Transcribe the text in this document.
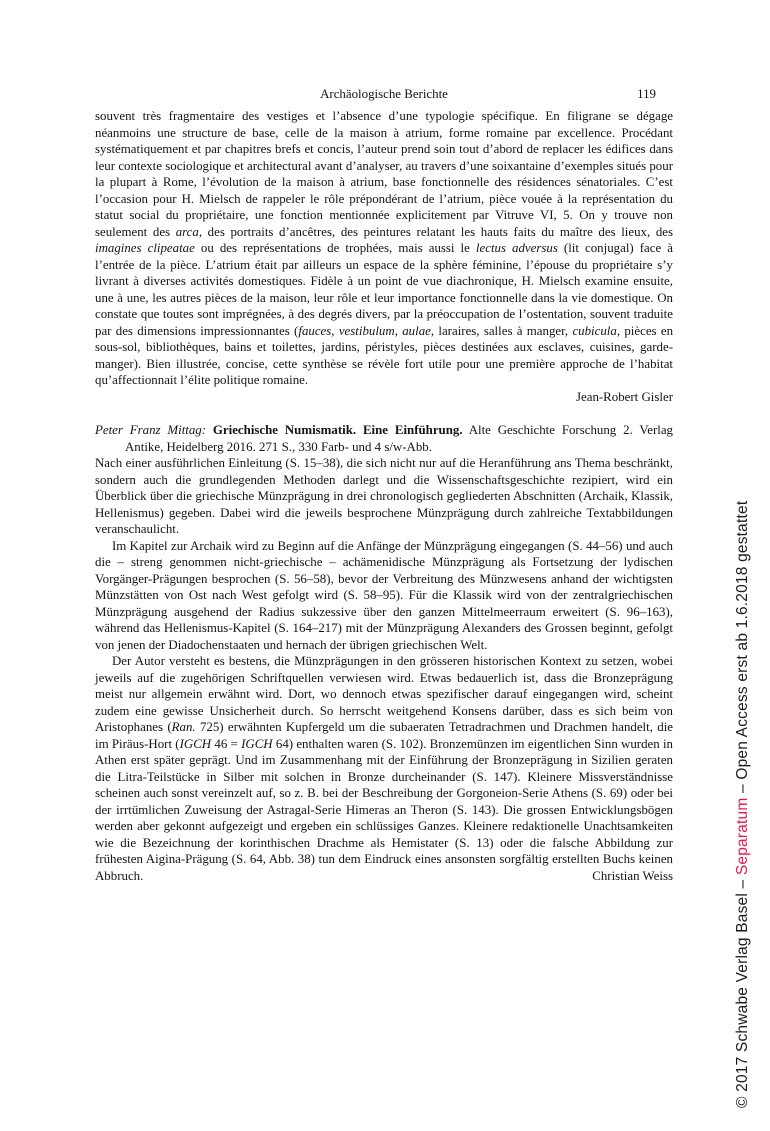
Archäologische Berichte	119

souvent très fragmentaire des vestiges et l’absence d’une typologie spécifique. En filigrane se dégage néanmoins une structure de base, celle de la maison à atrium, forme romaine par excellence. Procédant systématiquement et par chapitres brefs et concis, l’auteur prend soin tout d’abord de replacer les édifices dans leur contexte sociologique et architectural avant d’analyser, au travers d’une soixantaine d’exemples situés pour la plupart à Rome, l’évolution de la maison à atrium, base fonctionnelle des résidences sénatoriales. C’est l’occasion pour H. Mielsch de rappeler le rôle prépondérant de l’atrium, pièce vouée à la représentation du statut social du propriétaire, une fonction mentionnée explicitement par Vitruve VI, 5. On y trouve non seulement des arca, des portraits d’ancêtres, des peintures relatant les hauts faits du maître des lieux, des imagines clipeatae ou des représentations de trophées, mais aussi le lectus adversus (lit conjugal) face à l’entrée de la pièce. L’atrium était par ailleurs un espace de la sphère féminine, l’épouse du propriétaire s’y livrant à diverses activités domestiques. Fidèle à un point de vue diachronique, H. Mielsch examine ensuite, une à une, les autres pièces de la maison, leur rôle et leur importance fonctionnelle dans la vie domestique. On constate que toutes sont imprégnées, à des degrés divers, par la préoccupation de l’ostentation, souvent traduite par des dimensions impressionnantes (fauces, vestibulum, aulae, laraires, salles à manger, cubicula, pièces en sous-sol, bibliothèques, bains et toilettes, jardins, péristyles, pièces destinées aux esclaves, cuisines, garde-manger). Bien illustrée, concise, cette synthèse se révèle fort utile pour une première approche de l’habitat qu’affectionnait l’élite politique romaine.

Jean-Robert Gisler

Peter Franz Mittag: Griechische Numismatik. Eine Einführung. Alte Geschichte Forschung 2. Verlag Antike, Heidelberg 2016. 271 S., 330 Farb- und 4 s/w-Abb.

Nach einer ausführlichen Einleitung (S. 15–38), die sich nicht nur auf die Heranführung ans Thema beschränkt, sondern auch die grundlegenden Methoden darlegt und die Wissenschaftsgeschichte rezipiert, wird ein Überblick über die griechische Münzprägung in drei chronologisch gegliederten Abschnitten (Archaik, Klassik, Hellenismus) gegeben. Dabei wird die jeweils besprochene Münzprägung durch zahlreiche Textabbildungen veranschaulicht.

Im Kapitel zur Archaik wird zu Beginn auf die Anfänge der Münzprägung eingegangen (S. 44–56) und auch die – streng genommen nicht-griechische – achämenidische Münzprägung als Fortsetzung der lydischen Vorgänger-Prägungen besprochen (S. 56–58), bevor der Verbreitung des Münzwesens anhand der wichtigsten Münzstätten von Ost nach West gefolgt wird (S. 58–95). Für die Klassik wird von der zentralgriechischen Münzprägung ausgehend der Radius sukzessive über den ganzen Mittelmeerraum erweitert (S. 96–163), während das Hellenismus-Kapitel (S. 164–217) mit der Münzprägung Alexanders des Grossen beginnt, gefolgt von jenen der Diadochenstaaten und hernach der übrigen griechischen Welt.

Der Autor versteht es bestens, die Münzprägungen in den grösseren historischen Kontext zu setzen, wobei jeweils auf die zugehörigen Schriftquellen verwiesen wird. Etwas bedauerlich ist, dass die Bronzeprägung meist nur allgemein erwähnt wird. Dort, wo dennoch etwas spezifischer darauf eingegangen wird, scheint zudem eine gewisse Unsicherheit durch. So herrscht weitgehend Konsens darüber, dass es sich beim von Aristophanes (Ran. 725) erwähnten Kupfergeld um die subaeraten Tetradrachmen und Drachmen handelt, die im Piräus-Hort (IGCH 46 = IGCH 64) enthalten waren (S. 102). Bronzemünzen im eigentlichen Sinn wurden in Athen erst später geprägt. Und im Zusammenhang mit der Einführung der Bronzeprägung in Sizilien geraten die Litra-Teilstücke in Silber mit solchen in Bronze durcheinander (S. 147). Kleinere Missverständnisse scheinen auch sonst vereinzelt auf, so z. B. bei der Beschreibung der Gorgoneion-Serie Athens (S. 69) oder bei der irrtümlichen Zuweisung der Astragal-Serie Himeras an Theron (S. 143). Die grossen Entwicklungsbögen werden aber gekonnt aufgezeigt und ergeben ein schlüssiges Ganzes. Kleinere redaktionelle Unachtsamkeiten wie die Bezeichnung der korinthischen Drachme als Hemistater (S. 13) oder die falsche Abbildung zur frühesten Aigina-Prägung (S. 64, Abb. 38) tun dem Eindruck eines ansonsten sorgfältig erstellten Buchs keinen Abbruch.	Christian Weiss	© 2017 Schwabe Verlag Basel – Separatum – Open Access erst ab 1.6.2018 gestattet
